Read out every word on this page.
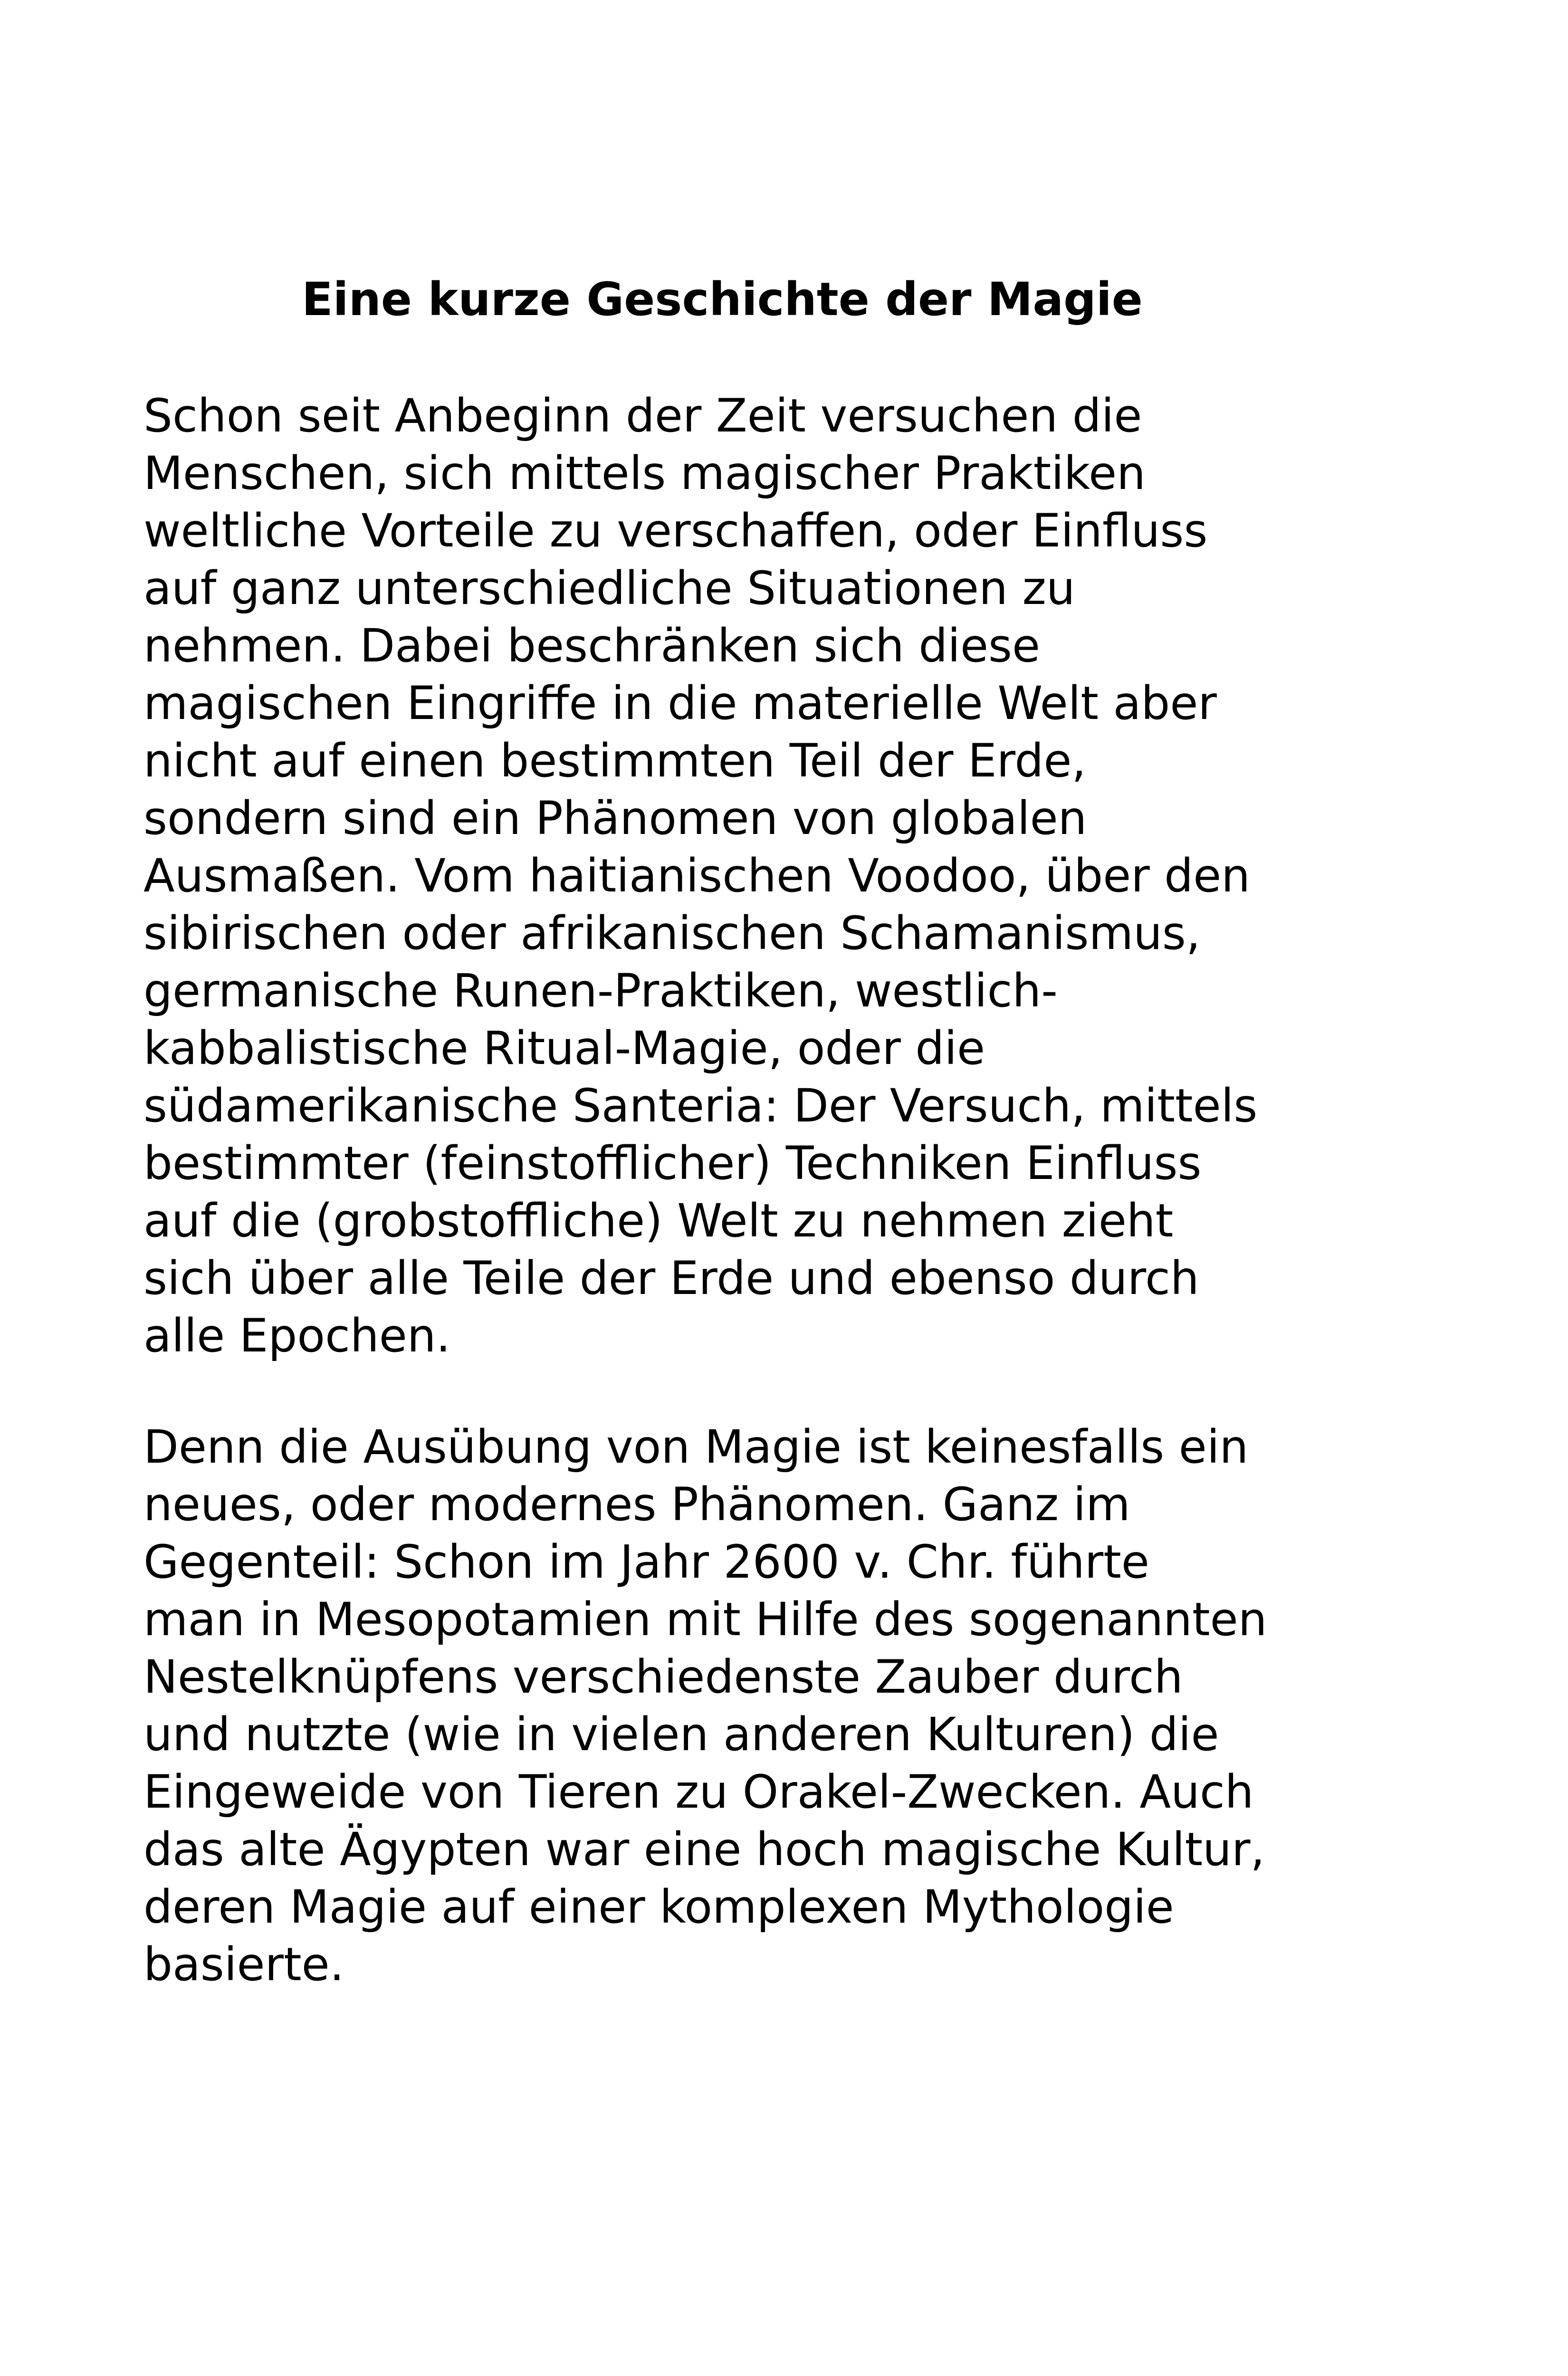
Eine kurze Geschichte der Magie

Schon seit Anbeginn der Zeit versuchen die
Menschen, sich mittels magischer Praktiken
weltliche Vorteile zu verschaffen, oder Einfluss
auf ganz unterschiedliche Situationen zu
nehmen. Dabei beschränken sich diese
magischen Eingriffe in die materielle Welt aber
nicht auf einen bestimmten Teil der Erde,
sondern sind ein Phänomen von globalen
Ausmaßen. Vom haitianischen Voodoo, über den
sibirischen oder afrikanischen Schamanismus,
germanische Runen-Praktiken, westlich-
kabbalistische Ritual-Magie, oder die
südamerikanische Santeria: Der Versuch, mittels
bestimmter (feinstofflicher) Techniken Einfluss
auf die (grobstoffliche) Welt zu nehmen zieht
sich über alle Teile der Erde und ebenso durch
alle Epochen.

Denn die Ausübung von Magie ist keinesfalls ein
neues, oder modernes Phänomen. Ganz im
Gegenteil: Schon im Jahr 2600 v. Chr. führte
man in Mesopotamien mit Hilfe des sogenannten
Nestelknüpfens verschiedenste Zauber durch
und nutzte (wie in vielen anderen Kulturen) die
Eingeweide von Tieren zu Orakel-Zwecken. Auch
das alte Ägypten war eine hoch magische Kultur,
deren Magie auf einer komplexen Mythologie
basierte.
